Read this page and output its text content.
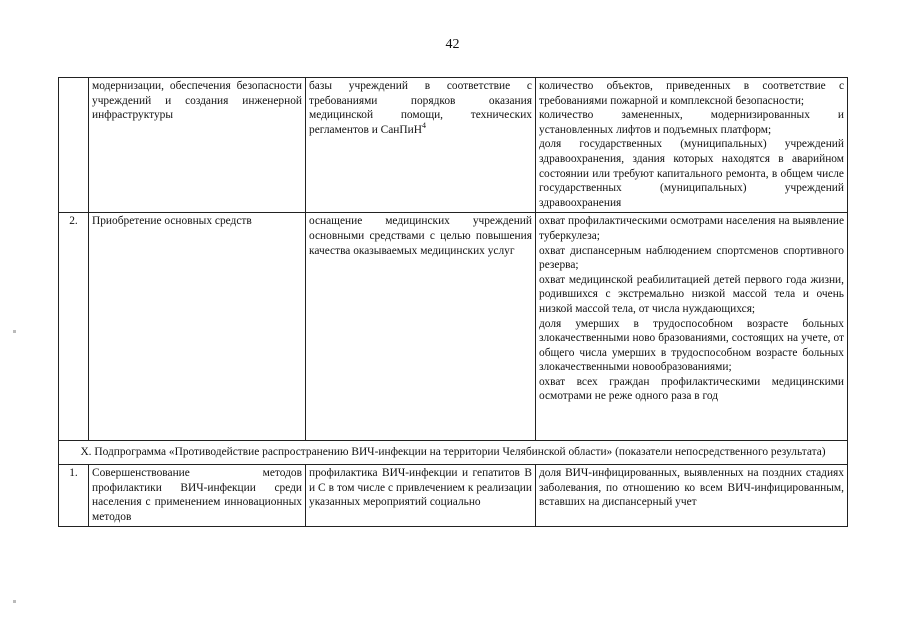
42
	модернизации, обеспечения безопасности учреждений и создания инженерной инфраструктуры	базы учреждений в соответствие с требованиями порядков оказания медицинской помощи, технических регламентов и СанПиН$^4$	количество объектов, приведенных в соответствие с требованиями пожарной и комплексной безопасности;

количество замененных, модернизированных и установленных лифтов и подъемных платформ;

доля государственных (муниципальных) учреждений здравоохранения, здания которых находятся в аварийном состоянии или требуют капитального ремонта, в общем числе государственных (муниципальных) учреждений здравоохранения

2.	Приобретение основных средств	оснащение медицинских учреждений основными средствами с целью повышения качества оказываемых медицинских услуг	охват профилактическими осмотрами населения на выявление туберкулеза;

охват диспансерным наблюдением спортсменов спортивного резерва;

охват медицинской реабилитацией детей первого года жизни, родившихся с экстремально низкой массой тела и очень низкой массой тела, от числа нуждающихся;

доля умерших в трудоспособном возрасте больных злокачественными ново бразованиями, состоящих на учете, от общего числа умерших в трудоспособном возрасте больных злокачественными новообразованиями;

охват всех граждан профилактическими медицинскими осмотрами не реже одного раза в год

X. Подпрограмма «Противодействие распространению ВИЧ-инфекции на территории Челябинской области» (показатели непосредственного результата)			
1.	Совершенствование методов профилактики ВИЧ-инфекции среди населения с применением инновационных методов	профилактика ВИЧ-инфекции и гепатитов В и С в том числе с привлечением к реализации указанных мероприятий социально	доля ВИЧ-инфицированных, выявленных на поздних стадиях заболевания, по отношению ко всем ВИЧ-инфицированным, вставших на диспансерный учет
